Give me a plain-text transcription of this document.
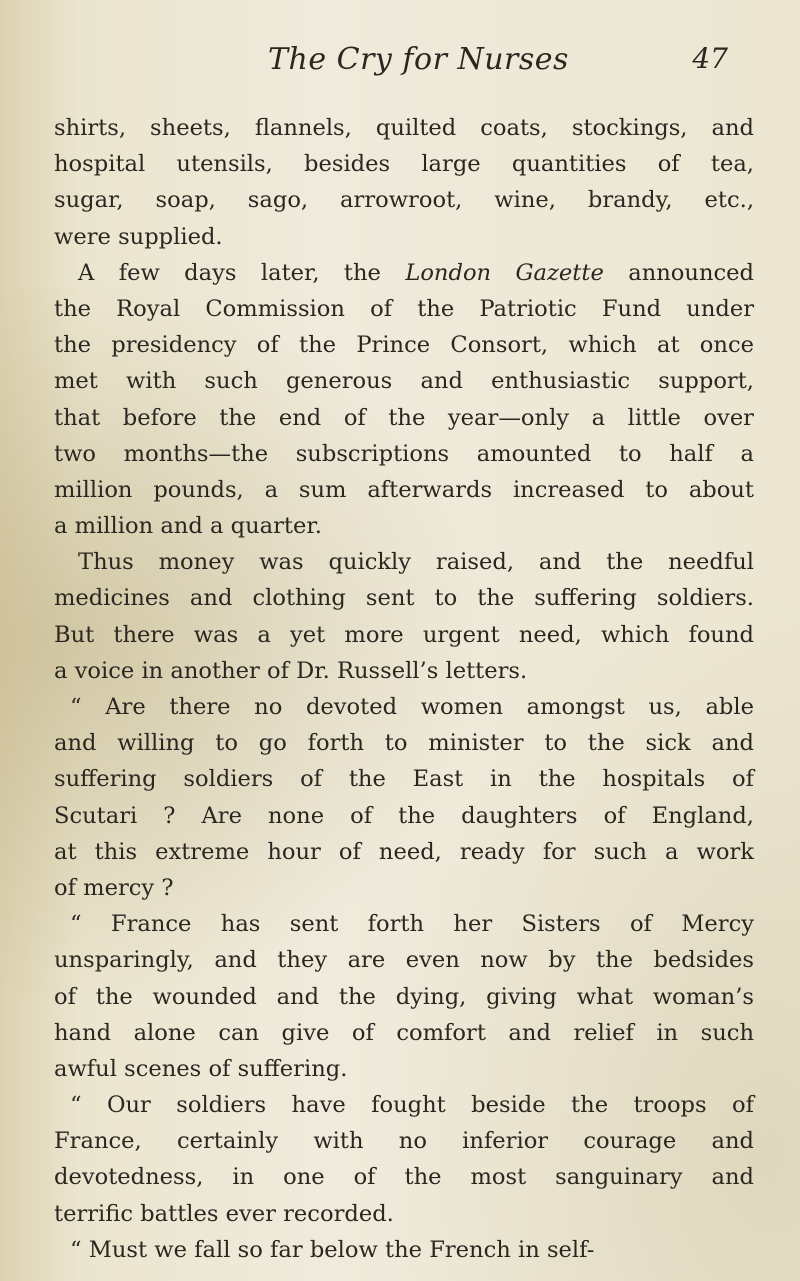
The Cry for Nurses	47
shirts, sheets, flannels, quilted coats, stockings, and
hospital utensils, besides large quantities of tea,
sugar, soap, sago, arrowroot, wine, brandy, etc.,
were supplied.
A few days later, the London Gazette announced
the Royal Commission of the Patriotic Fund under
the presidency of the Prince Consort, which at once
met with such generous and enthusiastic support,
that before the end of the year—only a little over
two months—the subscriptions amounted to half a
million pounds, a sum afterwards increased to about
a million and a quarter.
Thus money was quickly raised, and the needful
medicines and clothing sent to the suffering soldiers.
But there was a yet more urgent need, which found
a voice in another of Dr. Russell’s letters.
“ Are there no devoted women amongst us, able
and willing to go forth to minister to the sick and
suffering soldiers of the East in the hospitals of
Scutari ? Are none of the daughters of England,
at this extreme hour of need, ready for such a work
of mercy ?
“ France has sent forth her Sisters of Mercy
unsparingly, and they are even now by the bedsides
of the wounded and the dying, giving what woman’s
hand alone can give of comfort and relief in such
awful scenes of suffering.
“ Our soldiers have fought beside the troops of
France, certainly with no inferior courage and
devotedness, in one of the most sanguinary and
terrific battles ever recorded.
“ Must we fall so far below the French in self-
